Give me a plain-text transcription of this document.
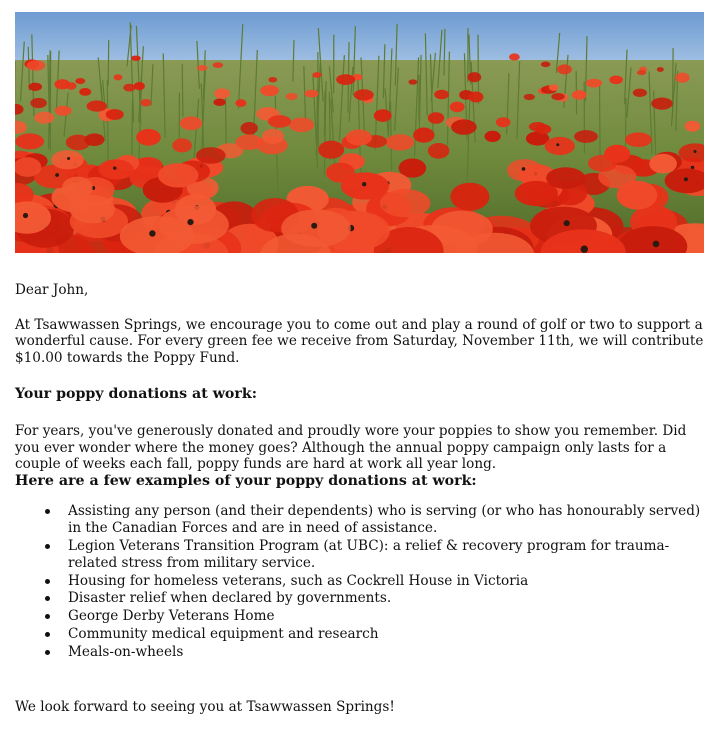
Dear John,

At Tsawwassen Springs, we encourage you to come out and play a round of golf or two to support a wonderful cause. For every green fee we receive from Saturday, November 11th, we will contribute $10.00 towards the Poppy Fund.

Your poppy donations at work:

For years, you've generously donated and proudly wore your poppies to show you remember. Did you ever wonder where the money goes? Although the annual poppy campaign only lasts for a couple of weeks each fall, poppy funds are hard at work all year long.

Here are a few examples of your poppy donations at work:

Assisting any person (and their dependents) who is serving (or who has honourably served) in the Canadian Forces and are in need of assistance.
Legion Veterans Transition Program (at UBC): a relief & recovery program for trauma-related stress from military service.
Housing for homeless veterans, such as Cockrell House in Victoria
Disaster relief when declared by governments.
George Derby Veterans Home
Community medical equipment and research
Meals-on-wheels

We look forward to seeing you at Tsawwassen Springs!
